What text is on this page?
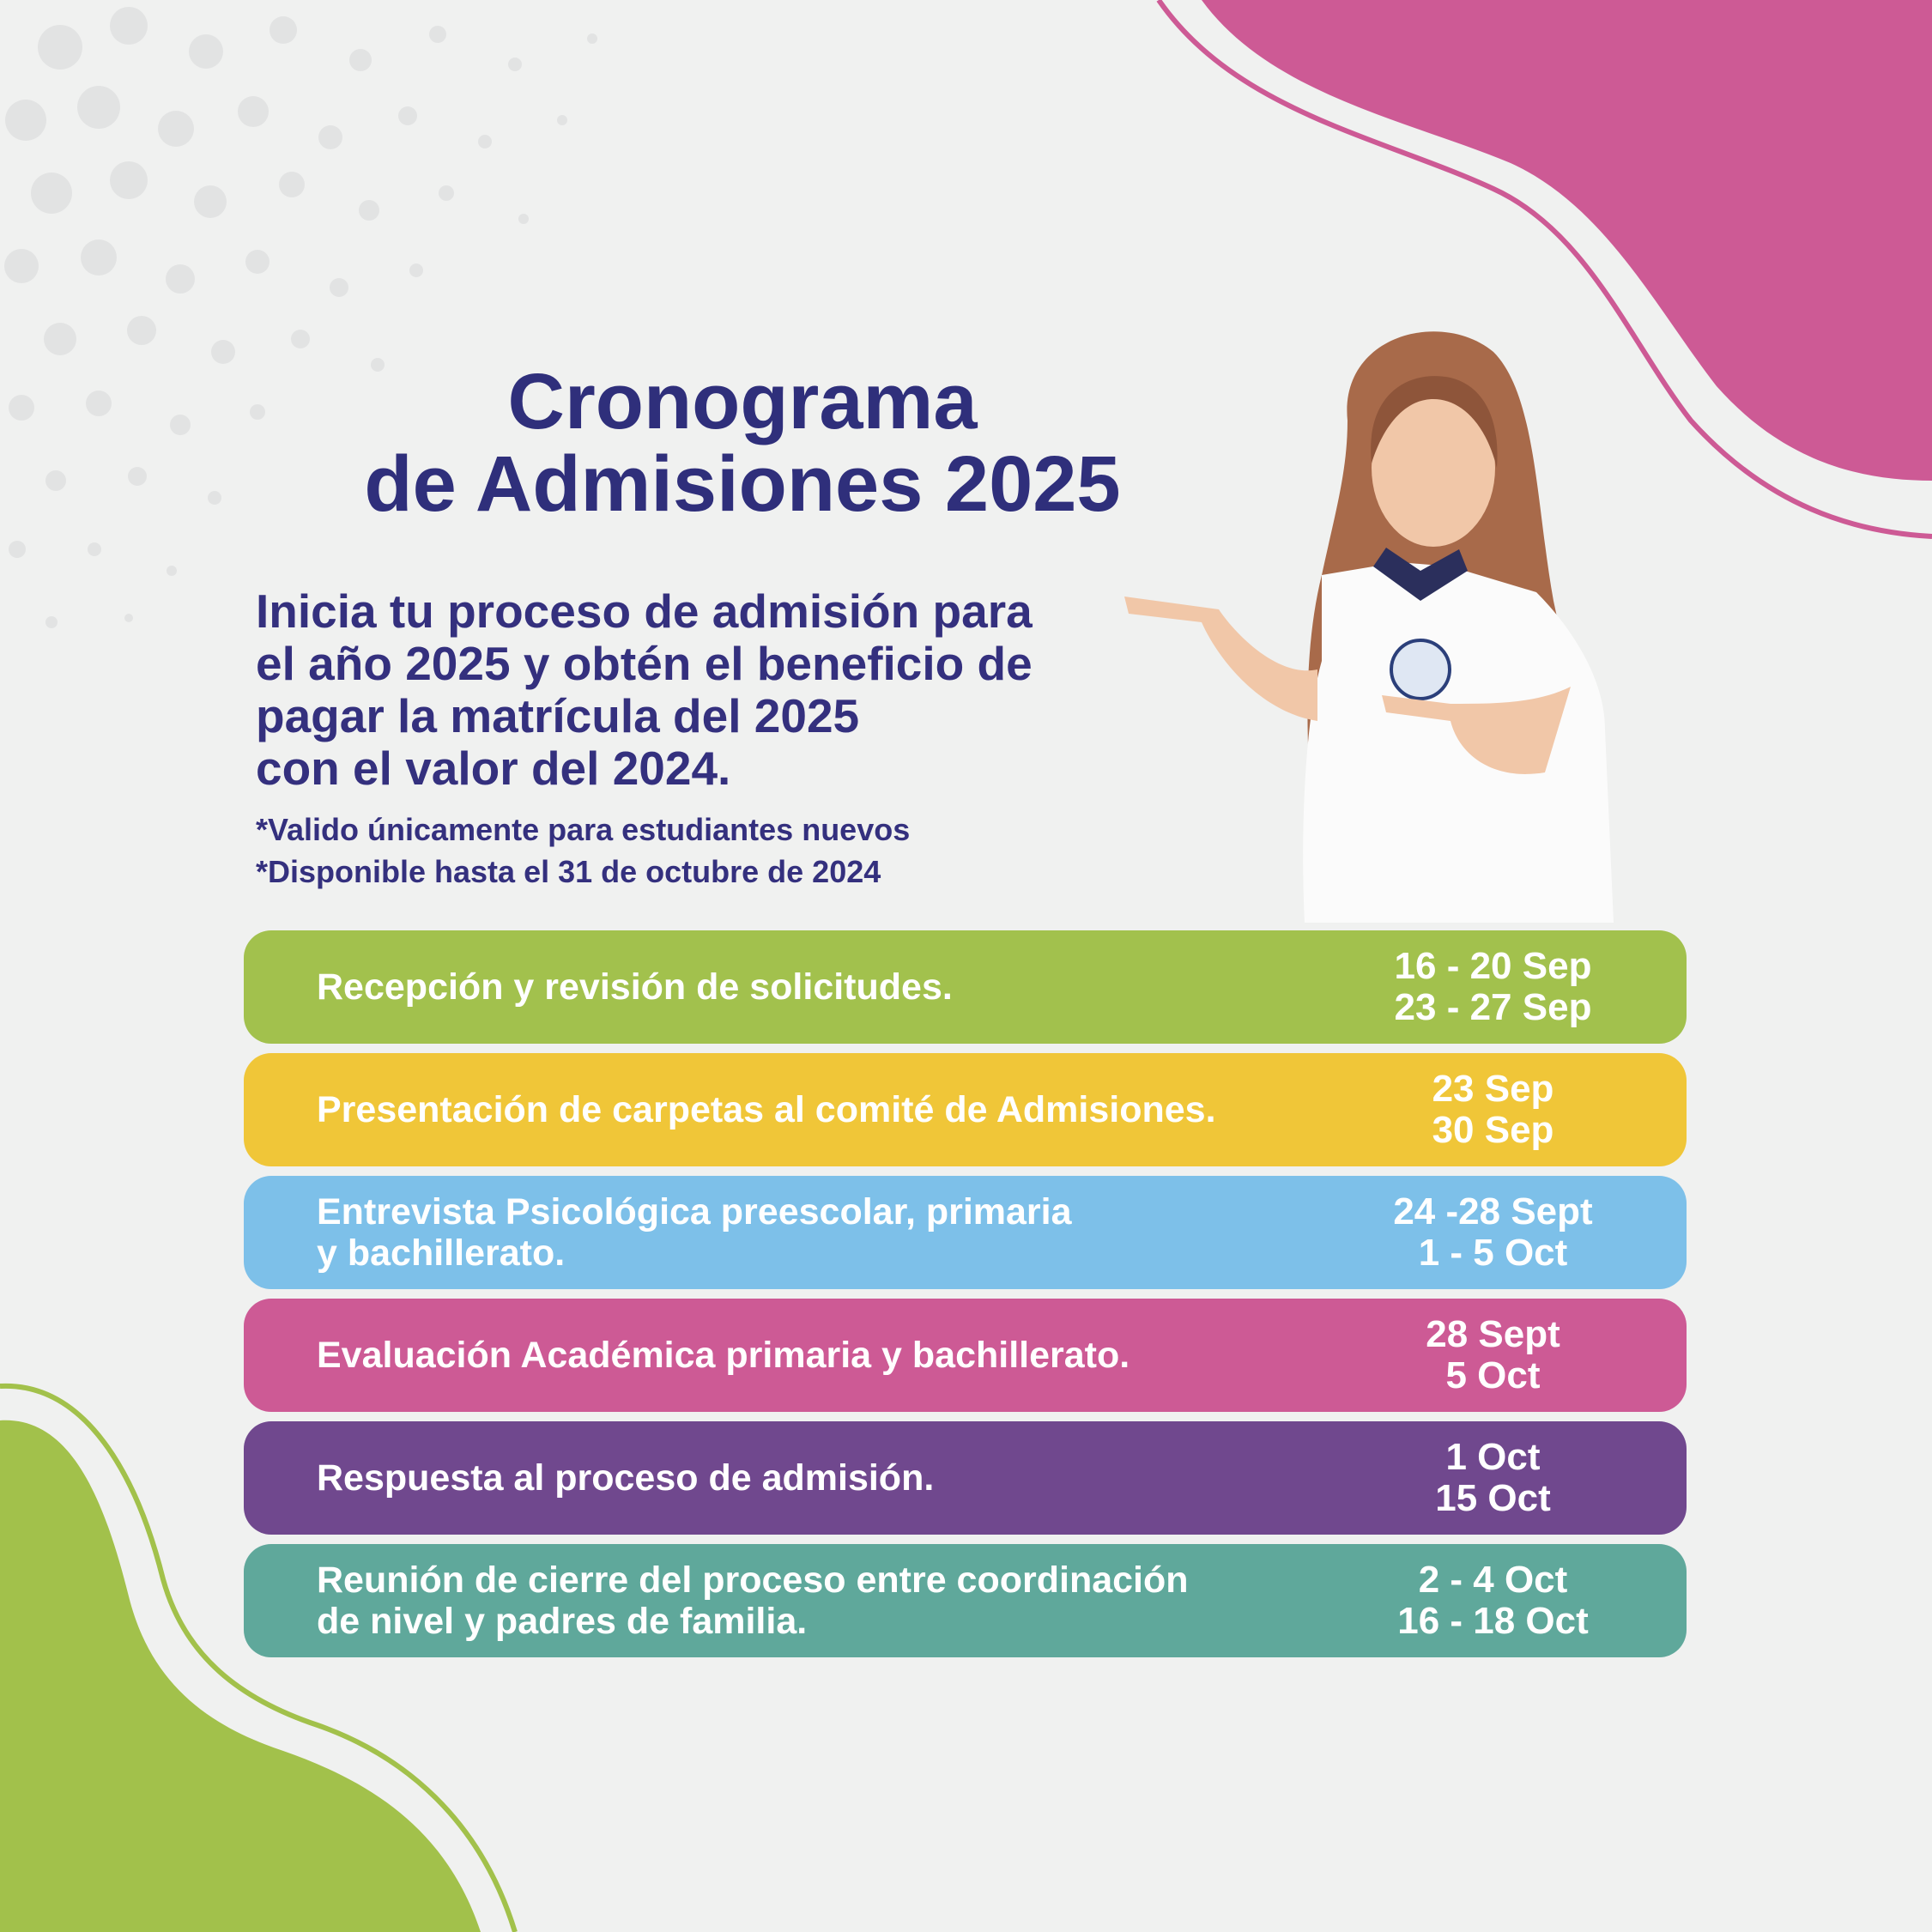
Cronograma
de Admisiones 2025

Inicia tu proceso de admisión para
el año 2025 y obtén el beneficio de
pagar la matrícula del 2025
con el valor del 2024.

*Valido únicamente para estudiantes nuevos
*Disponible hasta el 31 de octubre de 2024

Recepción y revisión de solicitudes.	16 - 20 Sep
23 - 27 Sep
Presentación de carpetas al comité de Admisiones.	23 Sep
30 Sep
Entrevista Psicológica preescolar, primaria
y bachillerato.
24 -28 Sept
1 - 5 Oct
Evaluación Académica primaria y bachillerato.	28 Sept
5 Oct
Respuesta al proceso de admisión.	1 Oct
15 Oct
Reunión de cierre del proceso entre coordinación
de nivel y padres de familia.
2 - 4 Oct
16 - 18 Oct
